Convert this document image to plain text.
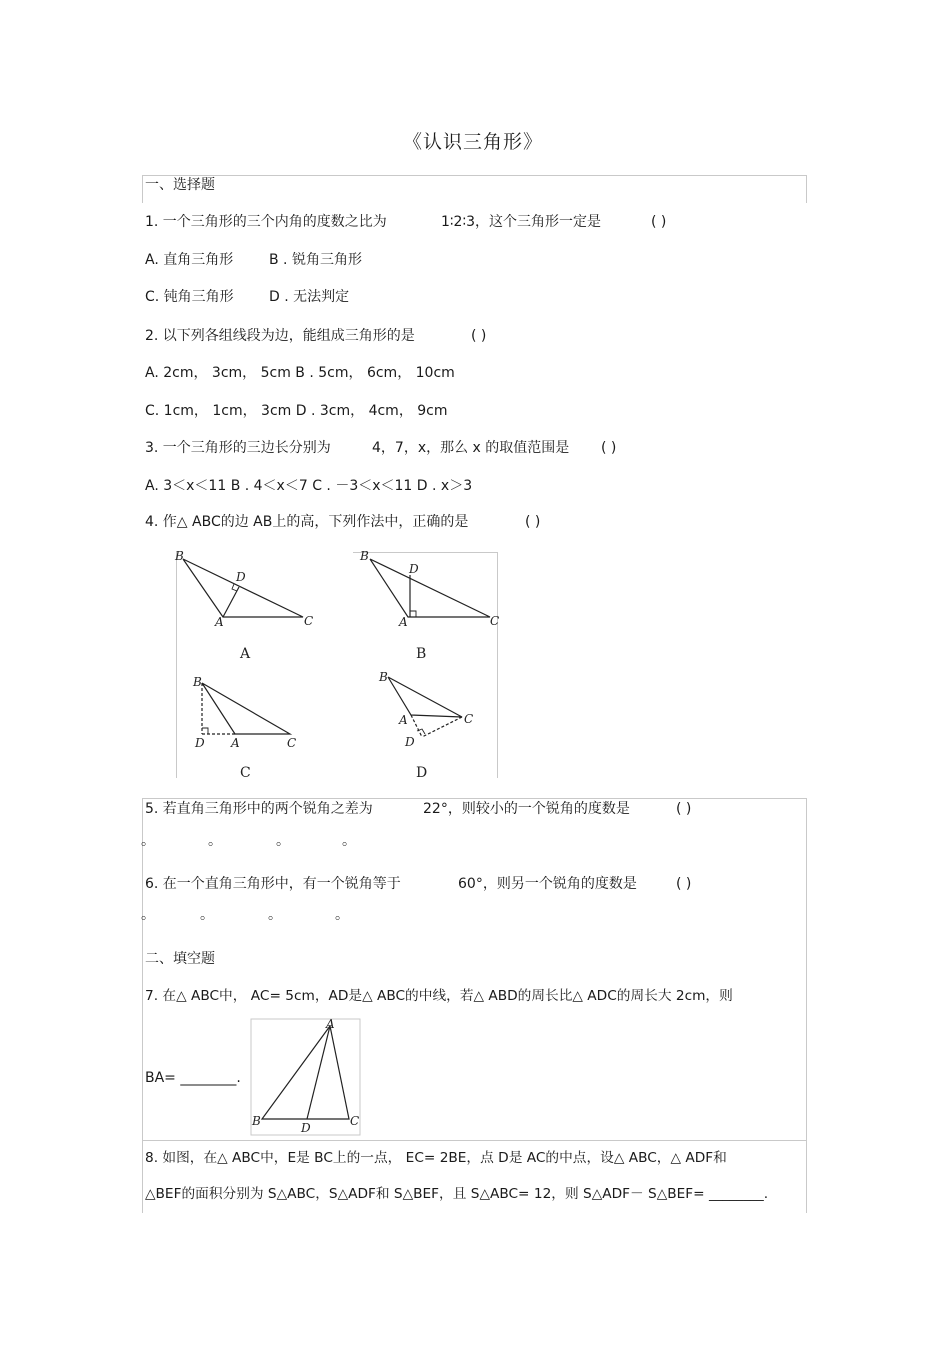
《认识三角形》
一、选择题
1. 一个三角形的三个内角的度数之比为	1∶2∶3，这个三角形一定是	( )
A. 直角三角形	B . 锐角三角形
C. 钝角三角形	D . 无法判定
2. 以下列各组线段为边，能组成三角形的是	( )
A. 2cm， 3cm， 5cm B . 5cm， 6cm， 10cm
C. 1cm， 1cm， 3cm D . 3cm， 4cm， 9cm
3. 一个三角形的三边长分别为	4，7，x，那么 x 的取值范围是 ( )
A. 3＜x＜11 B . 4＜x＜7 C . －3＜x＜11 D . x＞3
4. 作△ ABC的边 AB上的高，下列作法中，正确的是	( )
B
D
A	C
B
D
A	C
B
D A	C
B
A	C
D
A	B
C	D
5. 若直角三角形中的两个锐角之差为	22°，则较小的一个锐角的度数是	( )
。	。	。	。
6. 在一个直角三角形中，有一个锐角等于	60°，则另一个锐角的度数是	( )
。	。	。	。
二、填空题
7. 在△ ABC中， AC= 5cm，AD是△ ABC的中线，若△ ABD的周长比△ ADC的周长大 2cm，则
A
B	D	C
BA= ________.
8. 如图，在△ ABC中，E是 BC上的一点， EC= 2BE，点 D是 AC的中点，设△ ABC，△ ADF和
△BEF的面积分别为 S△ABC，S△ADF和 S△BEF，且 S△ABC= 12，则 S△ADF－ S△BEF= ________.
